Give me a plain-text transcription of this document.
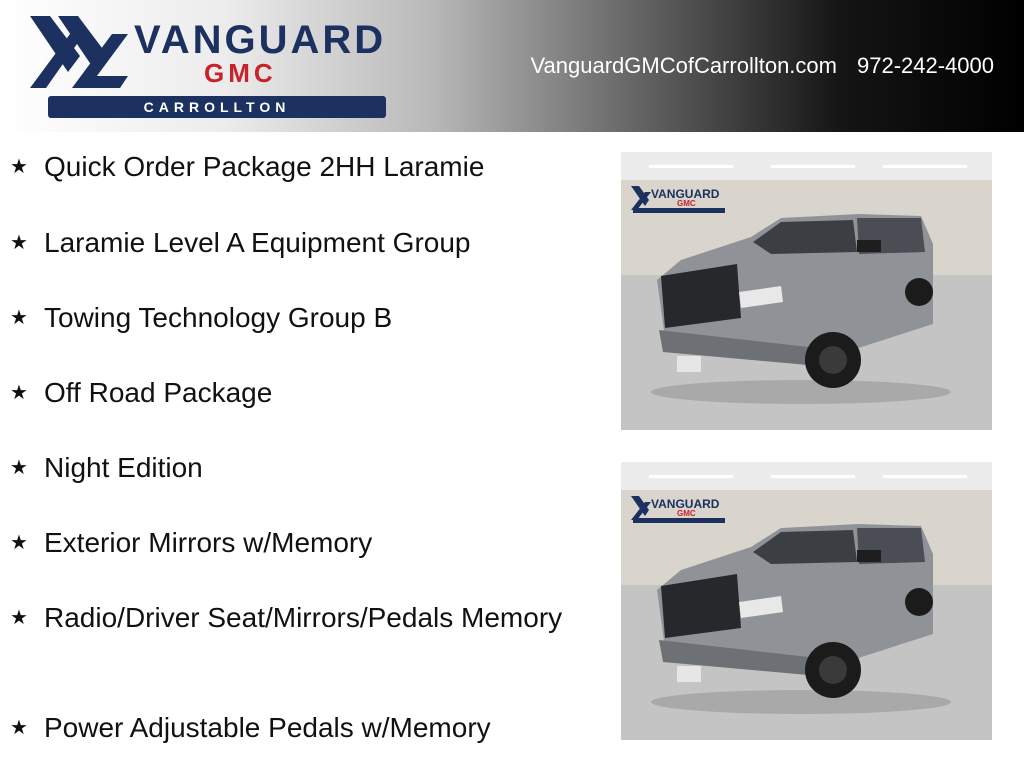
VANGUARD
GMC
CARROLLTON
VanguardGMCofCarrollton.com 972-242-4000
★ Quick Order Package 2HH Laramie
★ Laramie Level A Equipment Group
★ Towing Technology Group B
★ Off Road Package
★ Night Edition
★ Exterior Mirrors w/Memory
★ Radio/Driver Seat/Mirrors/Pedals Memory
★ Power Adjustable Pedals w/Memory
VANGUARD
GMC
VANGUARD
GMC
